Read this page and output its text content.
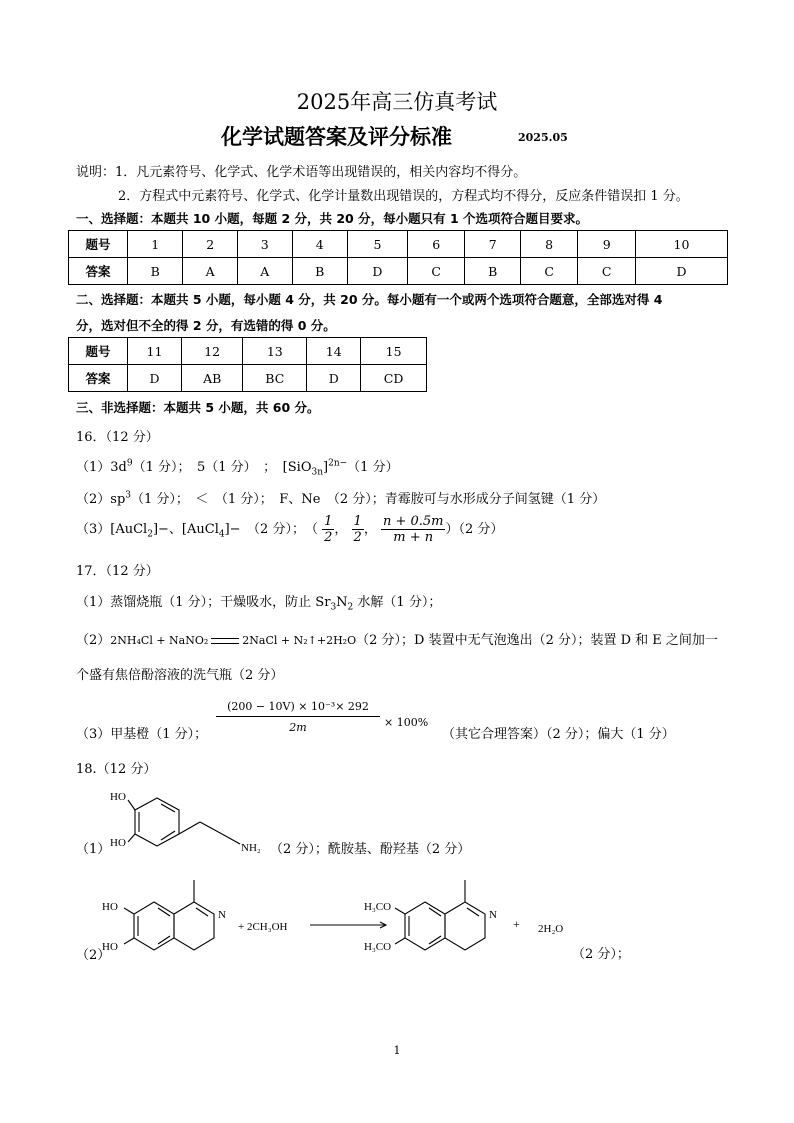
2025年高三仿真考试
化学试题答案及评分标准	2025.05
说明：1．凡元素符号、化学式、化学术语等出现错误的，相关内容均不得分。
2．方程式中元素符号、化学式、化学计量数出现错误的，方程式均不得分，反应条件错误扣 1 分。
一、选择题：本题共 10 小题，每题 2 分，共 20 分，每小题只有 1 个选项符合题目要求。
题号	1	2	3	4	5	6	7	8	9	10
答案	B	A	A	B	D	C	B	C	C	D
二、选择题：本题共 5 小题，每小题 4 分，共 20 分。每小题有一个或两个选项符合题意，全部选对得 4
分，选对但不全的得 2 分，有选错的得 0 分。
题号	11	12	13	14	15
答案	D	AB	BC	D	CD
三、非选择题：本题共 5 小题，共 60 分。
16．（12 分）
$(1)3d^9(1$ 分）；　5（1 分）　；　$[SiO_{3n}]^{2n-}(1$ 分）
$(2)sp^3(1$ 分）；　＜　（1 分）；　F、Ne　（2 分）；青霉胺可与水形成分子间氢键（1 分）
（3）[AuCl$_2$]−、[AuCl$_4$]−　（2 分）；　（ $\frac{1}{2}$ ， $\frac{1}{2}$ ， $\frac{n + 0.5m}{m + n} )(2$ 分）
17．（12 分）
（1）蒸馏烧瓶（1 分）；干燥吸水，防止 $Sr_3N_2$ 水解（1 分）；
（2）2NH₄Cl + NaNO₂	2NaCl + N₂↑+2H₂O（2 分）；D 装置中无气泡逸出（2 分）；装置 D 和 E 之间加一
个盛有焦倍酚溶液的洗气瓶（2 分）
（3）甲基橙（1 分）；
$\frac{\text{(200 − 10V) × 10⁻³× 292}}{2m} \times 100\%$
（其它合理答案）（2 分）；偏大（1 分）
18.（12 分）
HO
HO	NH₂
（1）	（2 分）；酰胺基、酚羟基（2 分）
HO
HO
N
+ 2CH₃OH
H₃CO
H₃CO
N
+ 2H₂O
（2）	（2 分）；
1
